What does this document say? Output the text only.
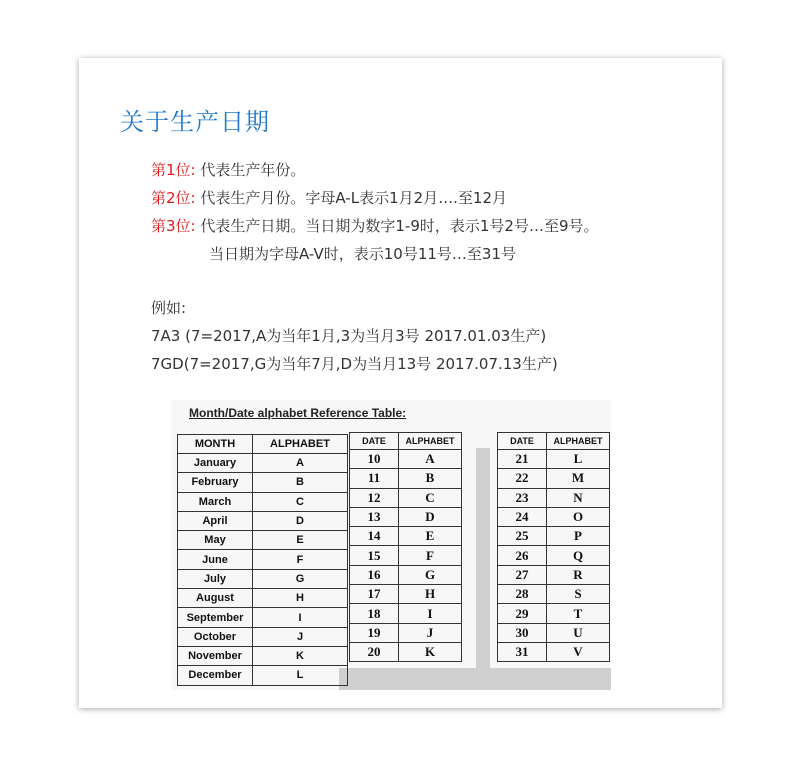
关于生产日期
第1位: 代表生产年份。
第2位: 代表生产月份。字母A-L表示1月2月….至12月
第3位: 代表生产日期。当日期为数字1-9时，表示1号2号…至9号。
当日期为字母A-V时，表示10号11号…至31号
例如:
7A3 (7=2017,A为当年1月,3为当月3号 2017.01.03生产)
7GD(7=2017,G为当年7月,D为当月13号 2017.07.13生产)
Month/Date alphabet Reference Table:
MONTH	ALPHABET
January	A
February	B
March	C
April	D
May	E
June	F
July	G
August	H
September	I
October	J
November	K
December	L
DATE	ALPHABET
10	A
11	B
12	C
13	D
14	E
15	F
16	G
17	H
18	I
19	J
20	K
DATE	ALPHABET
21	L
22	M
23	N
24	O
25	P
26	Q
27	R
28	S
29	T
30	U
31	V
